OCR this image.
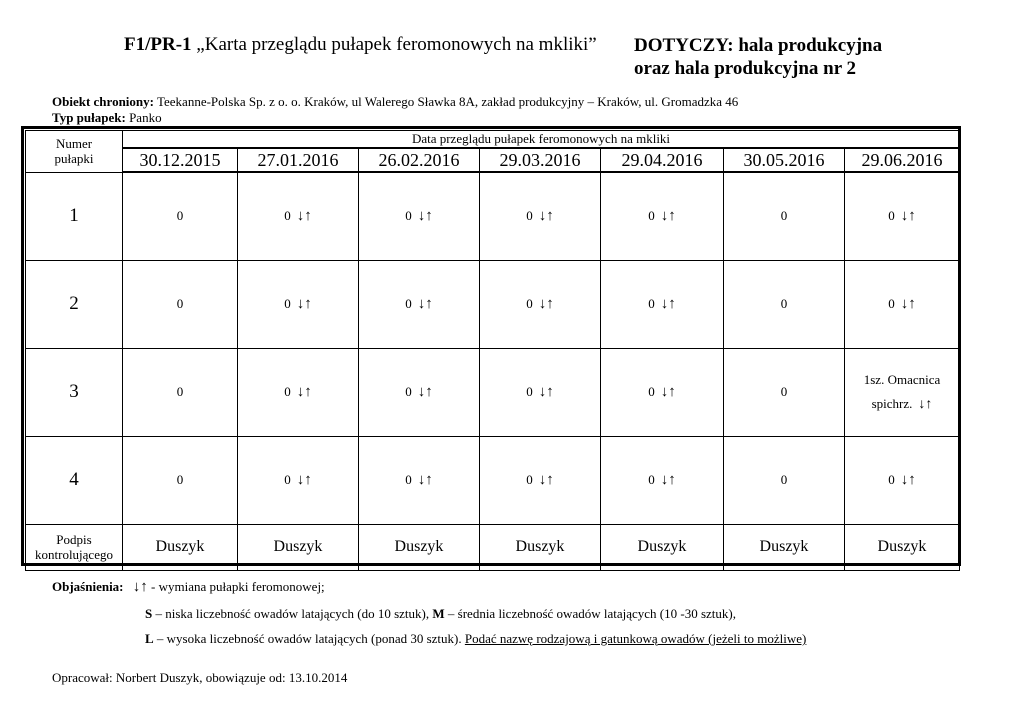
F1/PR-1 „Karta przeglądu pułapek feromonowych na mkliki” DOTYCZY: hala produkcyjna
oraz hala produkcyjna nr 2
Obiekt chroniony: Teekanne-Polska Sp. z o. o. Kraków, ul Walerego Sławka 8A, zakład produkcyjny – Kraków, ul. Gromadzka 46
Typ pułapek: Panko
Numer
pułapki	Data przeglądu pułapek feromonowych na mkliki						
	30.12.2015	27.01.2016	26.02.2016	29.03.2016	29.04.2016	30.05.2016	29.06.2016
1	0	0 ↓↑	0 ↓↑	0 ↓↑	0 ↓↑	0	0 ↓↑
2	0	0 ↓↑	0 ↓↑	0 ↓↑	0 ↓↑	0	0 ↓↑
3	0	0 ↓↑	0 ↓↑	0 ↓↑	0 ↓↑	0	1sz. Omacnica
spichrz. ↓↑
4	0	0 ↓↑	0 ↓↑	0 ↓↑	0 ↓↑	0	0 ↓↑
Podpis
kontrolującego	Duszyk	Duszyk	Duszyk	Duszyk	Duszyk	Duszyk	Duszyk
Objaśnienia: ↓↑ - wymiana pułapki feromonowej;
S – niska liczebność owadów latających (do 10 sztuk), M – średnia liczebność owadów latających (10 -30 sztuk),
L – wysoka liczebność owadów latających (ponad 30 sztuk). Podać nazwę rodzajową i gatunkową owadów (jeżeli to możliwe)
Opracował: Norbert Duszyk, obowiązuje od: 13.10.2014
